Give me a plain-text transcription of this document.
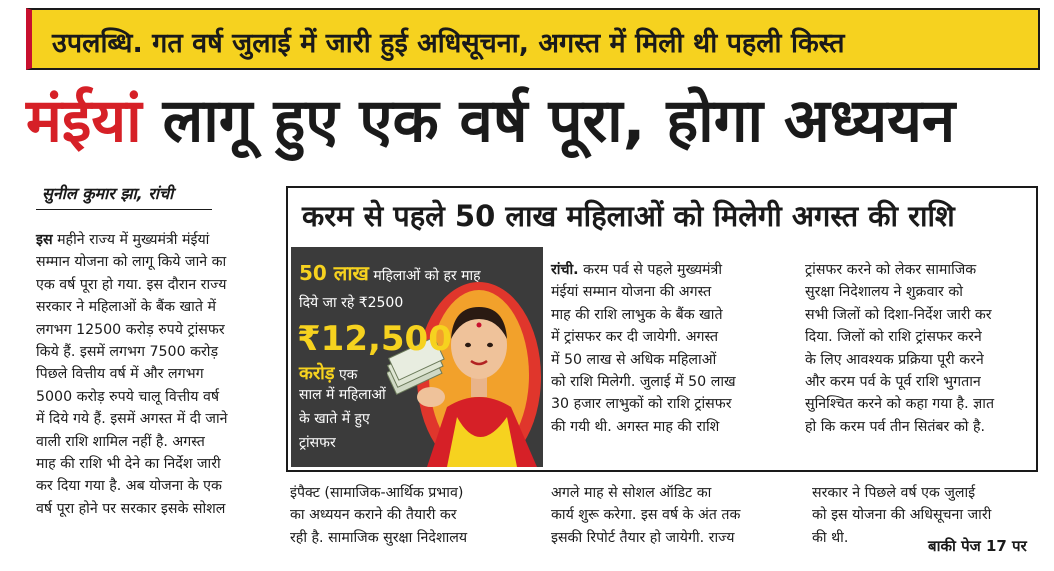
उपलब्धि. गत वर्ष जुलाई में जारी हुई अधिसूचना, अगस्त में मिली थी पहली किस्त
मंईयां लागू हुए एक वर्ष पूरा, होगा अध्ययन
सुनील कुमार झा, रांची
इस महीने राज्य में मुख्यमंत्री मंईयां
सम्मान योजना को लागू किये जाने का
एक वर्ष पूरा हो गया. इस दौरान राज्य
सरकार ने महिलाओं के बैंक खाते में
लगभग 12500 करोड़ रुपये ट्रांसफर
किये हैं. इसमें लगभग 7500 करोड़
पिछले वित्तीय वर्ष में और लगभग
5000 करोड़ रुपये चालू वित्तीय वर्ष
में दिये गये हैं. इसमें अगस्त में दी जाने
वाली राशि शामिल नहीं है. अगस्त
माह की राशि भी देने का निर्देश जारी
कर दिया गया है. अब योजना के एक
वर्ष पूरा होने पर सरकार इसके सोशल
करम से पहले 50 लाख महिलाओं को मिलेगी अगस्त की राशि
50 लाख महिलाओं को हर माह
दिये जा रहे ₹2500
₹12,500
करोड़ एक
साल में महिलाओं
के खाते में हुए
ट्रांसफर
रांची. करम पर्व से पहले मुख्यमंत्री
मंईयां सम्मान योजना की अगस्त
माह की राशि लाभुक के बैंक खाते
में ट्रांसफर कर दी जायेगी. अगस्त
में 50 लाख से अधिक महिलाओं
को राशि मिलेगी. जुलाई में 50 लाख
30 हजार लाभुकों को राशि ट्रांसफर
की गयी थी. अगस्त माह की राशि
ट्रांसफर करने को लेकर सामाजिक
सुरक्षा निदेशालय ने शुक्रवार को
सभी जिलों को दिशा-निर्देश जारी कर
दिया. जिलों को राशि ट्रांसफर करने
के लिए आवश्यक प्रक्रिया पूरी करने
और करम पर्व के पूर्व राशि भुगतान
सुनिश्चित करने को कहा गया है. ज्ञात
हो कि करम पर्व तीन सितंबर को है.
इंपैक्ट (सामाजिक-आर्थिक प्रभाव)
का अध्ययन कराने की तैयारी कर
रही है. सामाजिक सुरक्षा निदेशालय
अगले माह से सोशल ऑडिट का
कार्य शुरू करेगा. इस वर्ष के अंत तक
इसकी रिपोर्ट तैयार हो जायेगी. राज्य
सरकार ने पिछले वर्ष एक जुलाई
को इस योजना की अधिसूचना जारी
की थी.	बाकी पेज 17 पर
